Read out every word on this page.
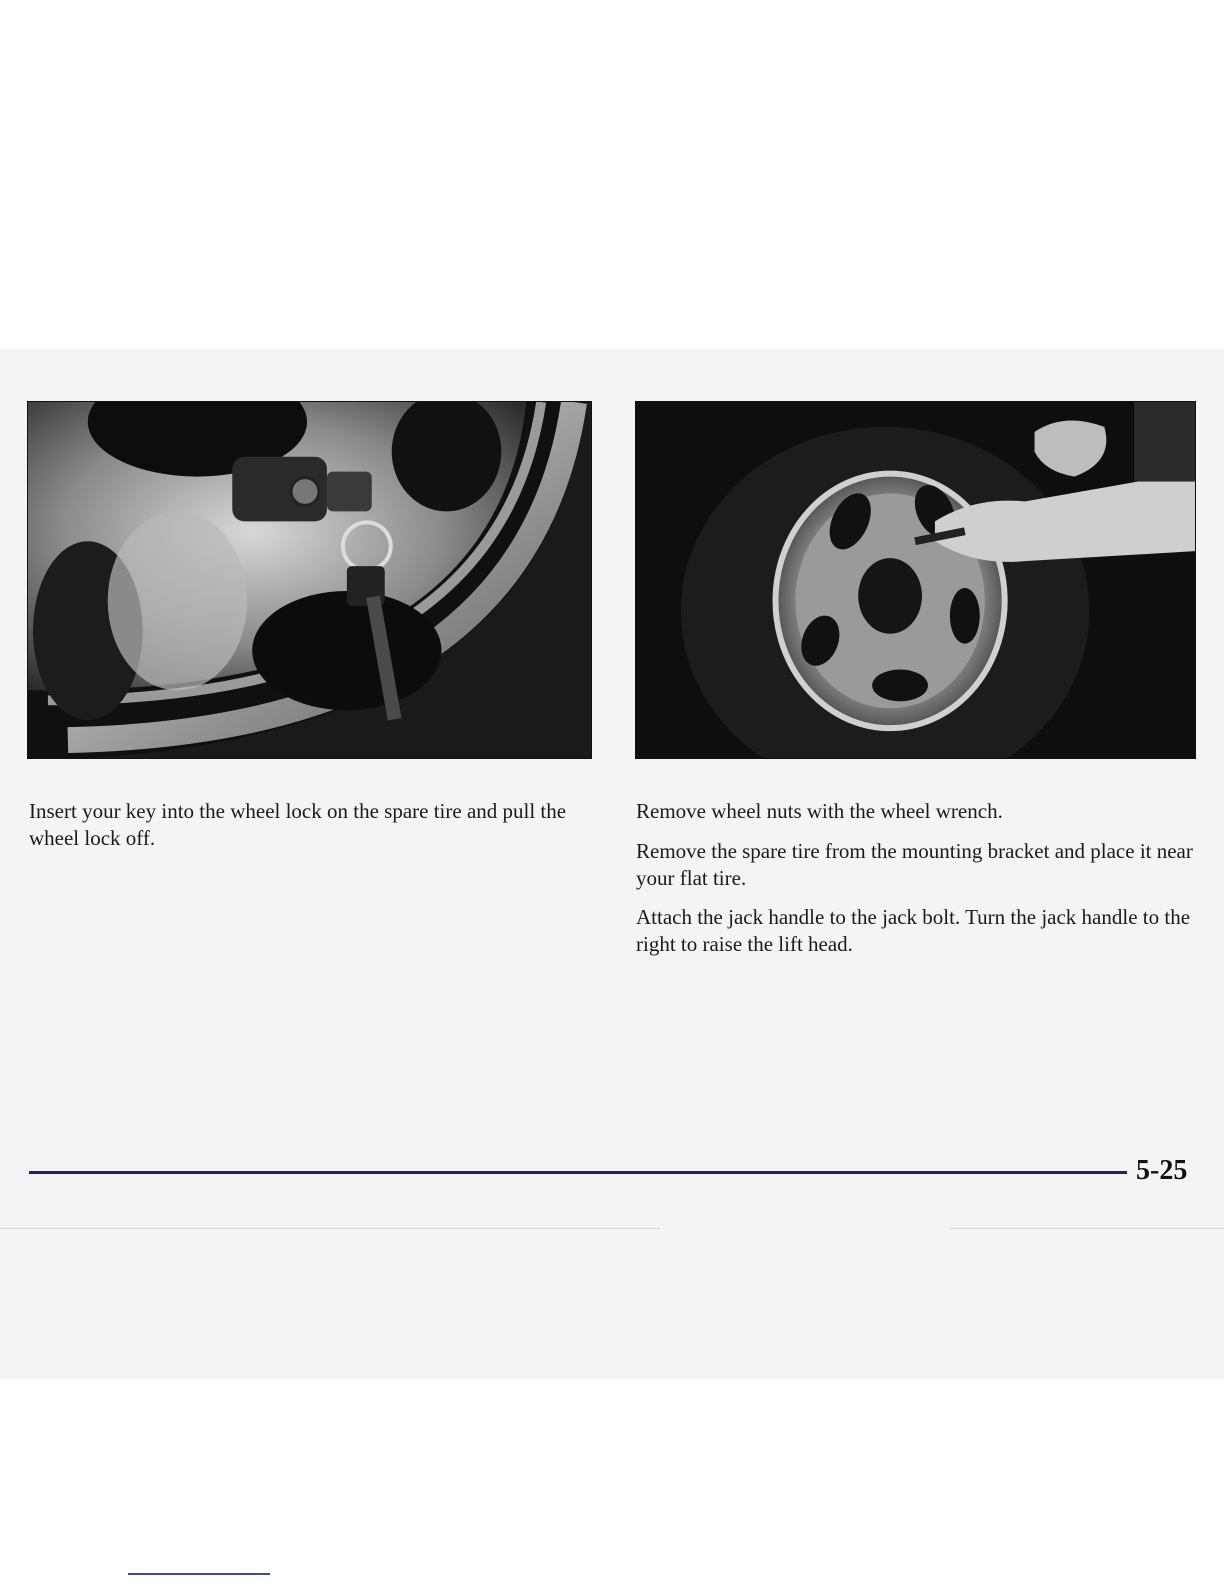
Insert your key into the wheel lock on the spare tire and pull the wheel lock off.

Remove wheel nuts with the wheel wrench.

Remove the spare tire from the mounting bracket and place it near your flat tire.

Attach the jack handle to the jack bolt. Turn the jack handle to the right to raise the lift head.

5-25
